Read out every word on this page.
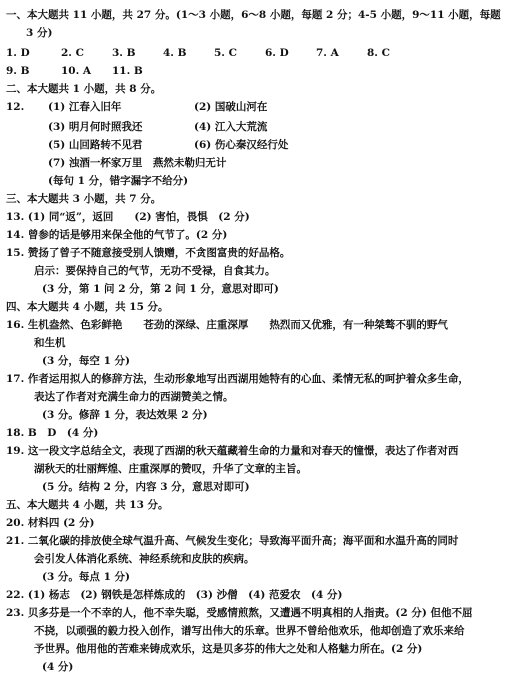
一、本大题共 11 小题，共 27 分。(1～3 小题，6～8 小题，每题 2 分；4-5 小题，9～11 小题，每题
3 分)
1. D	2. C	3. B	4. B	5. C	6. D	7. A	8. C
9. B	10. A 11. B
二、本大题共 1 小题，共 8 分。
12. (1) 江春入旧年	(2) 国破山河在
(3) 明月何时照我还	(4) 江入大荒流
(5) 山回路转不见君	(6) 伤心秦汉经行处
(7) 浊酒一杯家万里　燕然未勒归无计
(每句 1 分，错字漏字不给分)
三、本大题共 3 小题，共 7 分。
13. (1) 同“返”，返回　　(2) 害怕，畏惧　(2 分)
14. 曾参的话是够用来保全他的气节了。(2 分)
15. 赞扬了曾子不随意接受别人馈赠，不贪图富贵的好品格。
启示：要保持自己的气节，无功不受禄，自食其力。
(3 分，第 1 问 2 分，第 2 问 1 分，意思对即可)
四、本大题共 4 小题，共 15 分。
16. 生机盎然、色彩鲜艳　　苍劲的深绿、庄重深厚　　热烈而又优雅，有一种桀骜不驯的野气
和生机
(3 分，每空 1 分)
17. 作者运用拟人的修辞方法，生动形象地写出西湖用她特有的心血、柔情无私的呵护着众多生命，
表达了作者对充满生命力的西湖赞美之情。
(3 分。修辞 1 分，表达效果 2 分)
18. B　D　(4 分)
19. 这一段文字总结全文，表现了西湖的秋天蕴藏着生命的力量和对春天的憧憬，表达了作者对西
湖秋天的壮丽辉煌、庄重深厚的赞叹，升华了文章的主旨。
(5 分。结构 2 分，内容 3 分，意思对即可)
五、本大题共 4 小题，共 13 分。
20. 材料四 (2 分)
21. 二氧化碳的排放使全球气温升高、气候发生变化；导致海平面升高；海平面和水温升高的同时
会引发人体消化系统、神经系统和皮肤的疾病。
(3 分。每点 1 分)
22. (1) 杨志　(2) 钢铁是怎样炼成的　(3) 沙僧　(4) 范爱农　(4 分)
23. 贝多芬是一个不幸的人，他不幸失聪，受感情煎熬，又遭遇不明真相的人指责。(2 分) 但他不屈
不挠，以顽强的毅力投入创作，谱写出伟大的乐章。世界不曾给他欢乐，他却创造了欢乐来给
予世界。他用他的苦难来铸成欢乐，这是贝多芬的伟大之处和人格魅力所在。(2 分)
(4 分)
